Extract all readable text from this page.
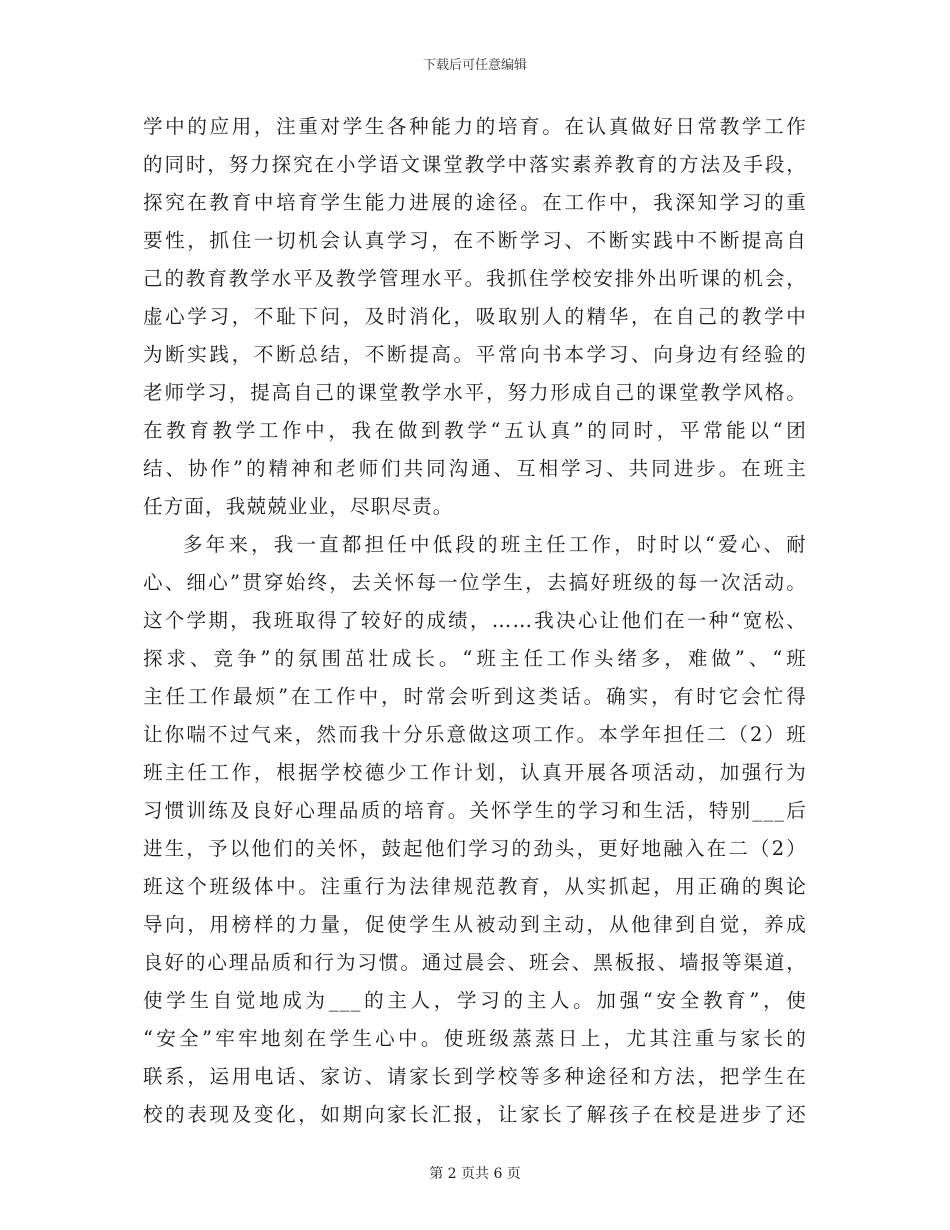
下载后可任意编辑
学中的应用，注重对学生各种能力的培育。在认真做好日常教学工作
的同时，努力探究在小学语文课堂教学中落实素养教育的方法及手段，
探究在教育中培育学生能力进展的途径。在工作中，我深知学习的重
要性，抓住一切机会认真学习，在不断学习、不断实践中不断提高自
己的教育教学水平及教学管理水平。我抓住学校安排外出听课的机会，
虚心学习，不耻下问，及时消化，吸取别人的精华，在自己的教学中
为断实践，不断总结，不断提高。平常向书本学习、向身边有经验的
老师学习，提高自己的课堂教学水平，努力形成自己的课堂教学风格。
在教育教学工作中，我在做到教学“五认真”的同时，平常能以“团
结、协作”的精神和老师们共同沟通、互相学习、共同进步。在班主
任方面，我兢兢业业，尽职尽责。
多年来，我一直都担任中低段的班主任工作，时时以“爱心、耐
心、细心”贯穿始终，去关怀每一位学生，去搞好班级的每一次活动。
这个学期，我班取得了较好的成绩，……我决心让他们在一种“宽松、
探求、竞争”的氛围茁壮成长。“班主任工作头绪多，难做”、“班
主任工作最烦”在工作中，时常会听到这类话。确实，有时它会忙得
让你喘不过气来，然而我十分乐意做这项工作。本学年担任二（2）班
班主任工作，根据学校德少工作计划，认真开展各项活动，加强行为
习惯训练及良好心理品质的培育。关怀学生的学习和生活，特别___后
进生，予以他们的关怀，鼓起他们学习的劲头，更好地融入在二（2）
班这个班级体中。注重行为法律规范教育，从实抓起，用正确的舆论
导向，用榜样的力量，促使学生从被动到主动，从他律到自觉，养成
良好的心理品质和行为习惯。通过晨会、班会、黑板报、墙报等渠道，
使学生自觉地成为___的主人，学习的主人。加强“安全教育”，使
“安全”牢牢地刻在学生心中。使班级蒸蒸日上，尤其注重与家长的
联系，运用电话、家访、请家长到学校等多种途径和方法，把学生在
校的表现及变化，如期向家长汇报，让家长了解孩子在校是进步了还
第 2 页共 6 页
